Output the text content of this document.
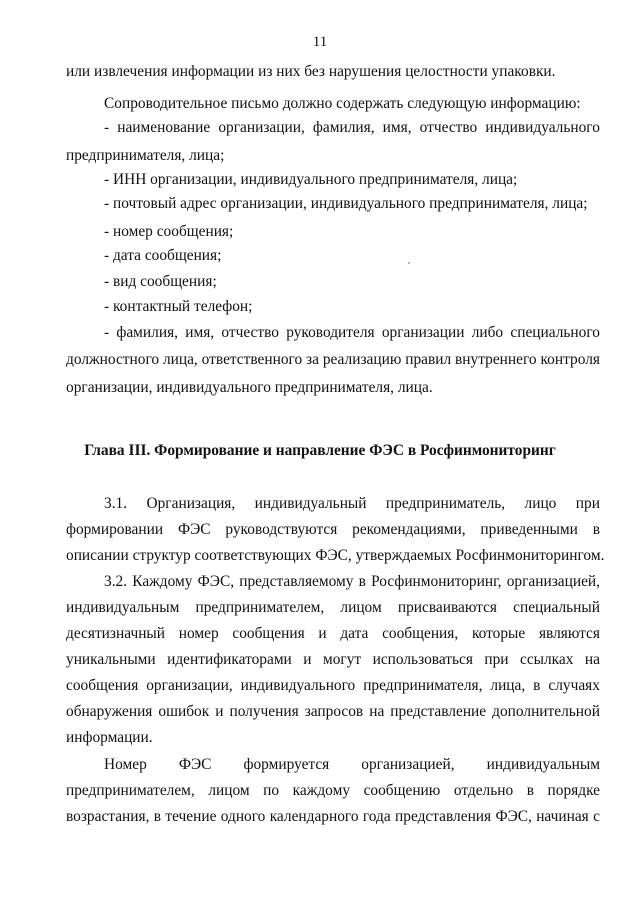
11
или извлечения информации из них без нарушения целостности упаковки.
Сопроводительное письмо должно содержать следующую информацию:
- наименование организации, фамилия, имя, отчество индивидуального
предпринимателя, лица;
- ИНН организации, индивидуального предпринимателя, лица;
- почтовый адрес организации, индивидуального предпринимателя, лица;
- номер сообщения;
- дата сообщения;
- вид сообщения;
- контактный телефон;
- фамилия, имя, отчество руководителя организации либо специального
должностного лица, ответственного за реализацию правил внутреннего контроля
организации, индивидуального предпринимателя, лица.
Глава III. Формирование и направление ФЭС в Росфинмониторинг
3.1. Организация, индивидуальный предприниматель, лицо при
формировании ФЭС руководствуются рекомендациями, приведенными в
описании структур соответствующих ФЭС, утверждаемых Росфинмониторингом.
3.2. Каждому ФЭС, представляемому в Росфинмониторинг, организацией,
индивидуальным предпринимателем, лицом присваиваются специальный
десятизначный номер сообщения и дата сообщения, которые являются
уникальными идентификаторами и могут использоваться при ссылках на
сообщения организации, индивидуального предпринимателя, лица, в случаях
обнаружения ошибок и получения запросов на представление дополнительной
информации.
Номер ФЭС формируется организацией, индивидуальным
предпринимателем, лицом по каждому сообщению отдельно в порядке
возрастания, в течение одного календарного года представления ФЭС, начиная с
